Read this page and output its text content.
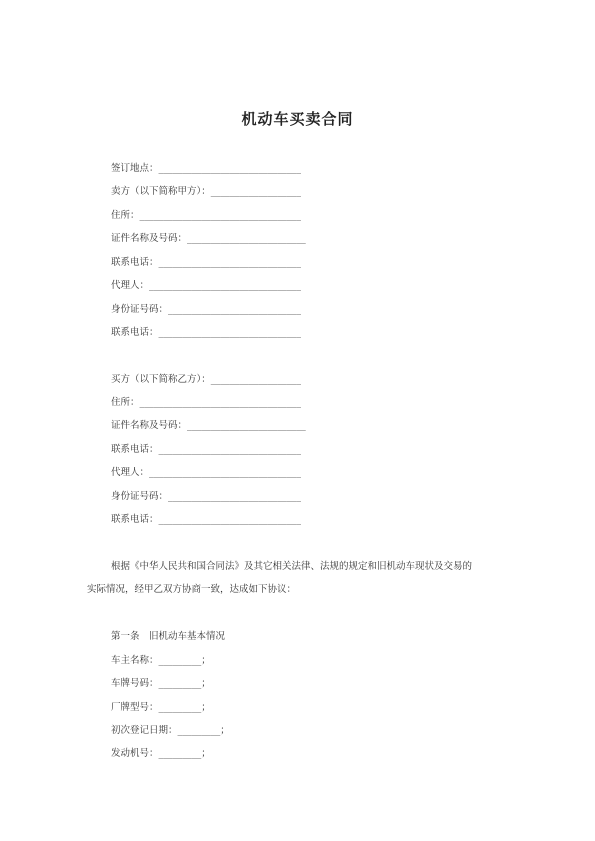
机动车买卖合同
签订地点：______________________________
卖方（以下简称甲方）：___________________
住所：__________________________________
证件名称及号码：_________________________
联系电话：______________________________
代理人：________________________________
身份证号码：____________________________
联系电话：______________________________
买方（以下简称乙方）：___________________
住所：__________________________________
证件名称及号码：_________________________
联系电话：______________________________
代理人：________________________________
身份证号码：____________________________
联系电话：______________________________
根据《中华人民共和国合同法》及其它相关法律、法规的规定和旧机动车现状及交易的
实际情况，经甲乙双方协商一致，达成如下协议：
第一条　旧机动车基本情况
车主名称：_________；
车牌号码：_________；
厂牌型号：_________；
初次登记日期：_________；
发动机号：_________；
